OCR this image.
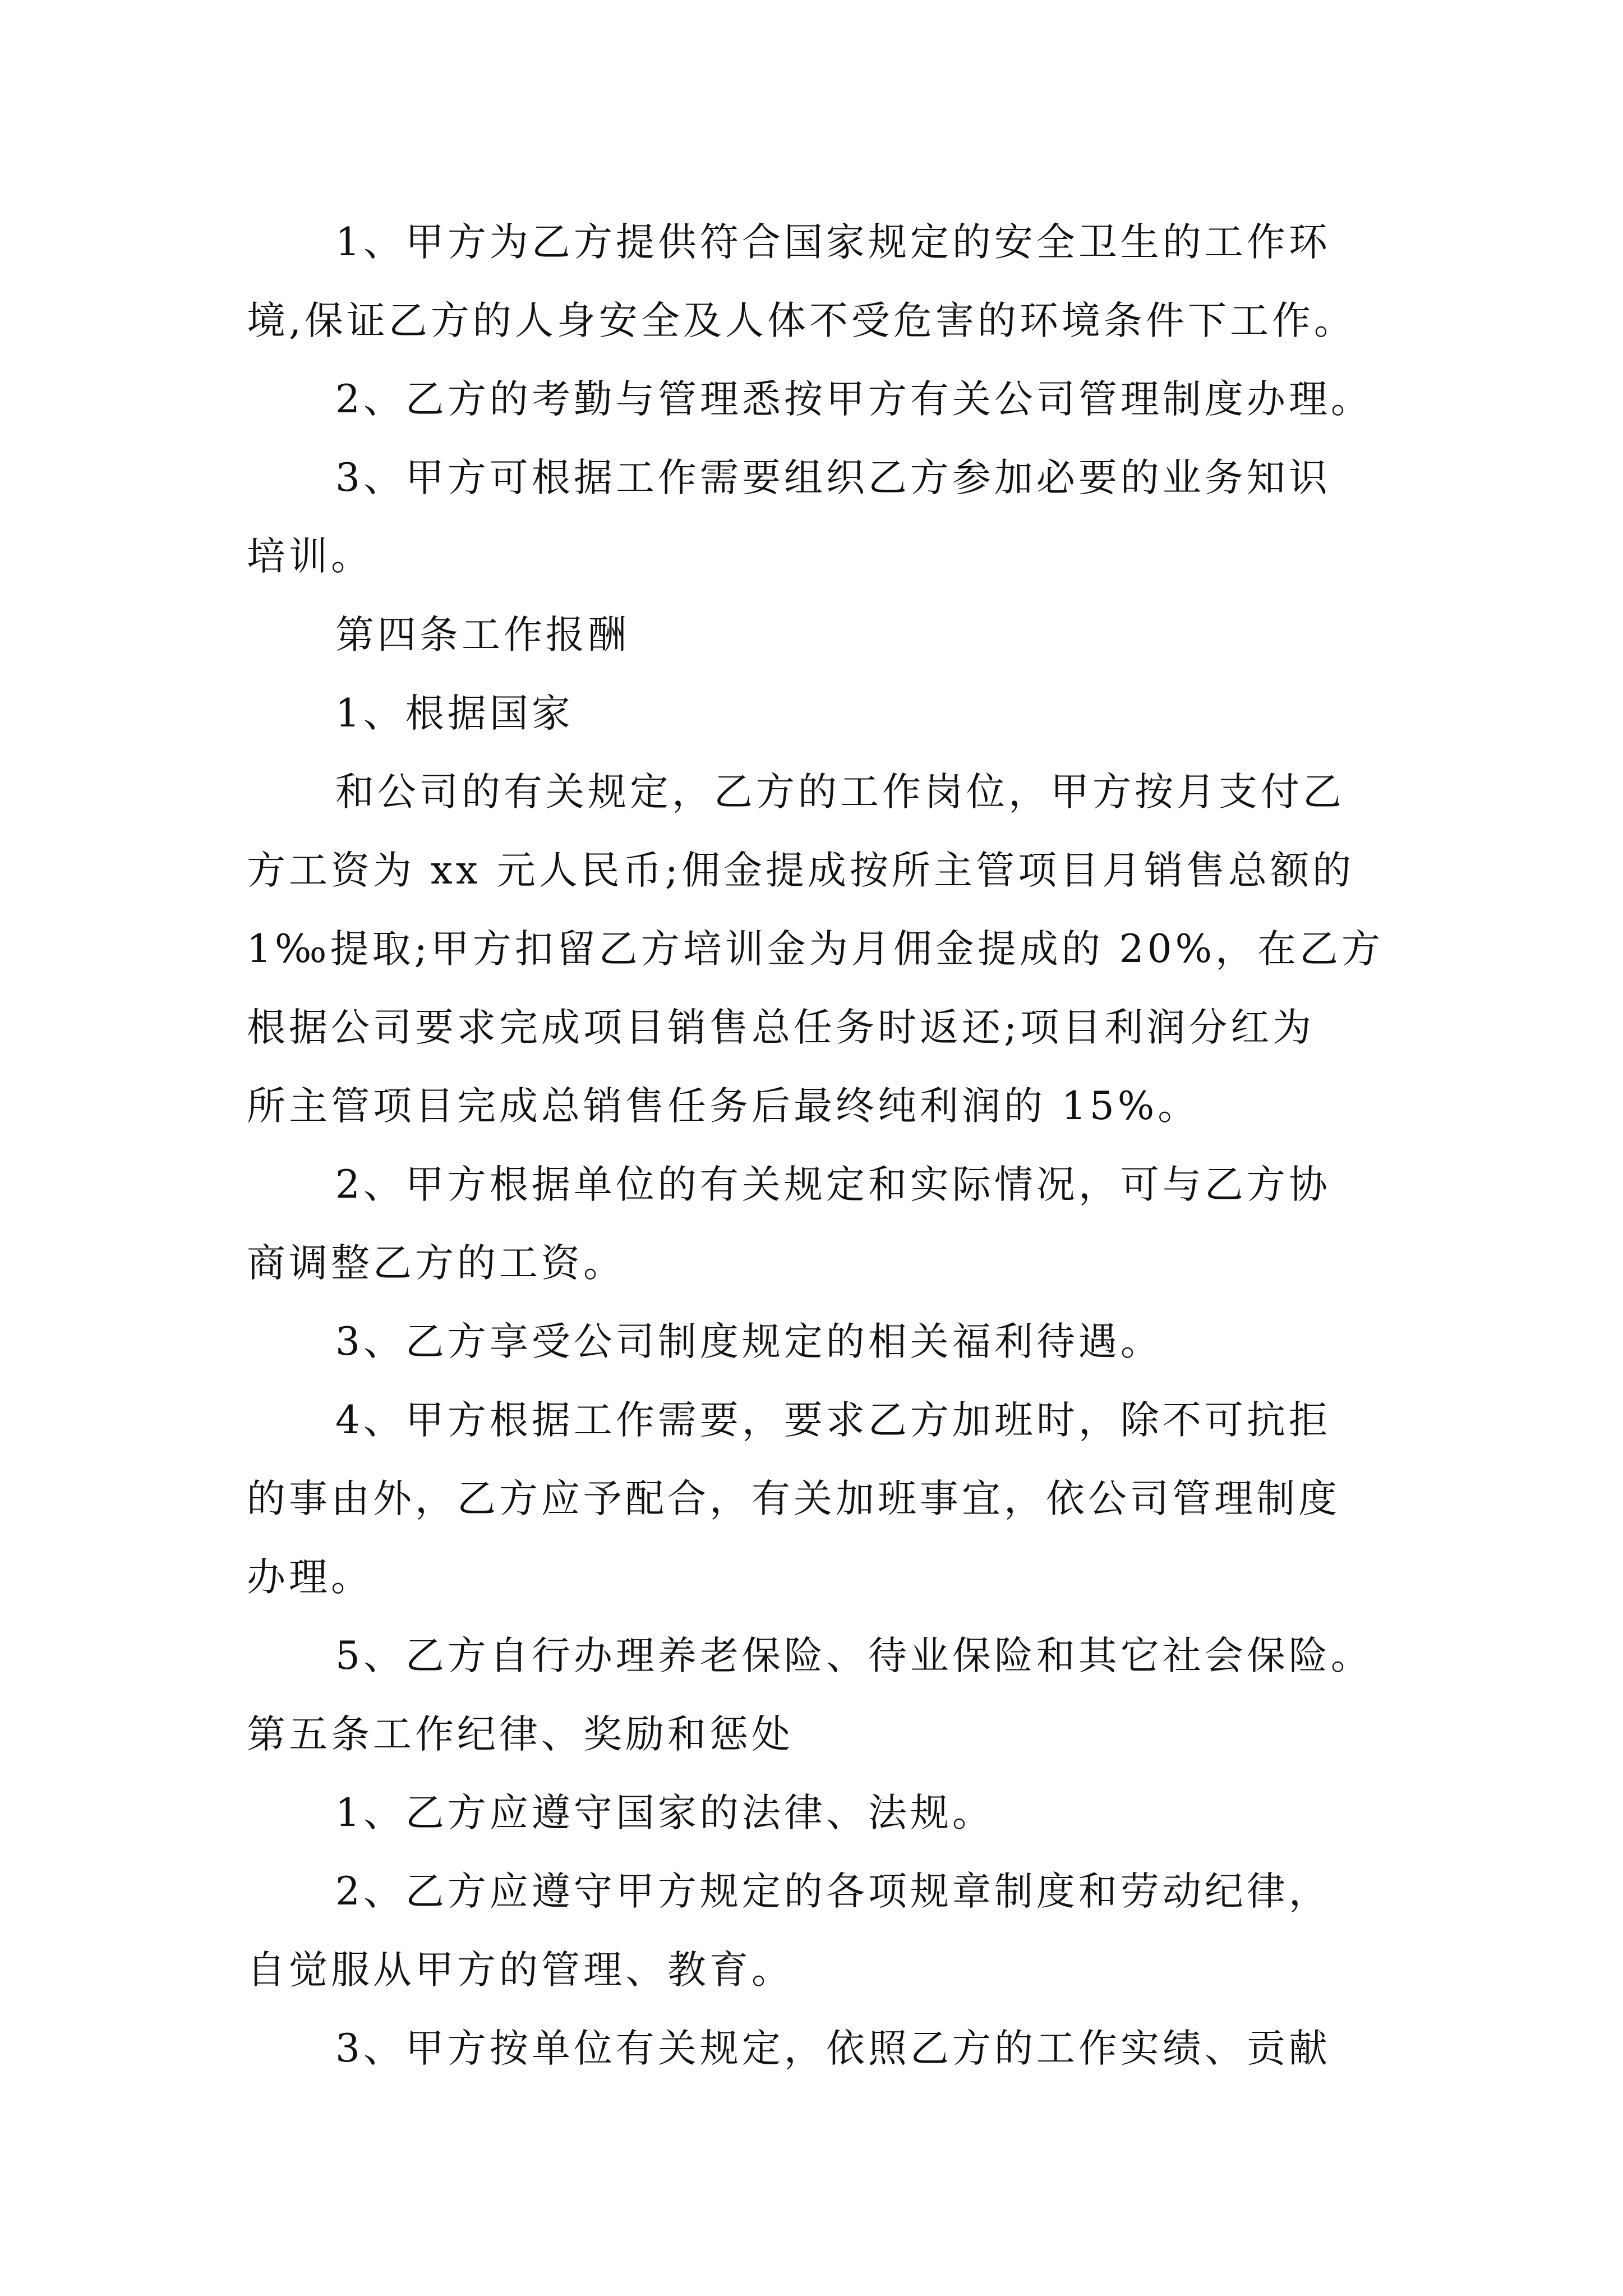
1、甲方为乙方提供符合国家规定的安全卫生的工作环
境,保证乙方的人身安全及人体不受危害的环境条件下工作。
2、乙方的考勤与管理悉按甲方有关公司管理制度办理。
3、甲方可根据工作需要组织乙方参加必要的业务知识
培训。
第四条工作报酬
1、根据国家
和公司的有关规定，乙方的工作岗位，甲方按月支付乙
方工资为 xx 元人民币;佣金提成按所主管项目月销售总额的
1‰提取;甲方扣留乙方培训金为月佣金提成的 20%，在乙方
根据公司要求完成项目销售总任务时返还;项目利润分红为
所主管项目完成总销售任务后最终纯利润的 15%。
2、甲方根据单位的有关规定和实际情况，可与乙方协
商调整乙方的工资。
3、乙方享受公司制度规定的相关福利待遇。
4、甲方根据工作需要，要求乙方加班时，除不可抗拒
的事由外，乙方应予配合，有关加班事宜，依公司管理制度
办理。
5、乙方自行办理养老保险、待业保险和其它社会保险。
第五条工作纪律、奖励和惩处
1、乙方应遵守国家的法律、法规。
2、乙方应遵守甲方规定的各项规章制度和劳动纪律，
自觉服从甲方的管理、教育。
3、甲方按单位有关规定，依照乙方的工作实绩、贡献
